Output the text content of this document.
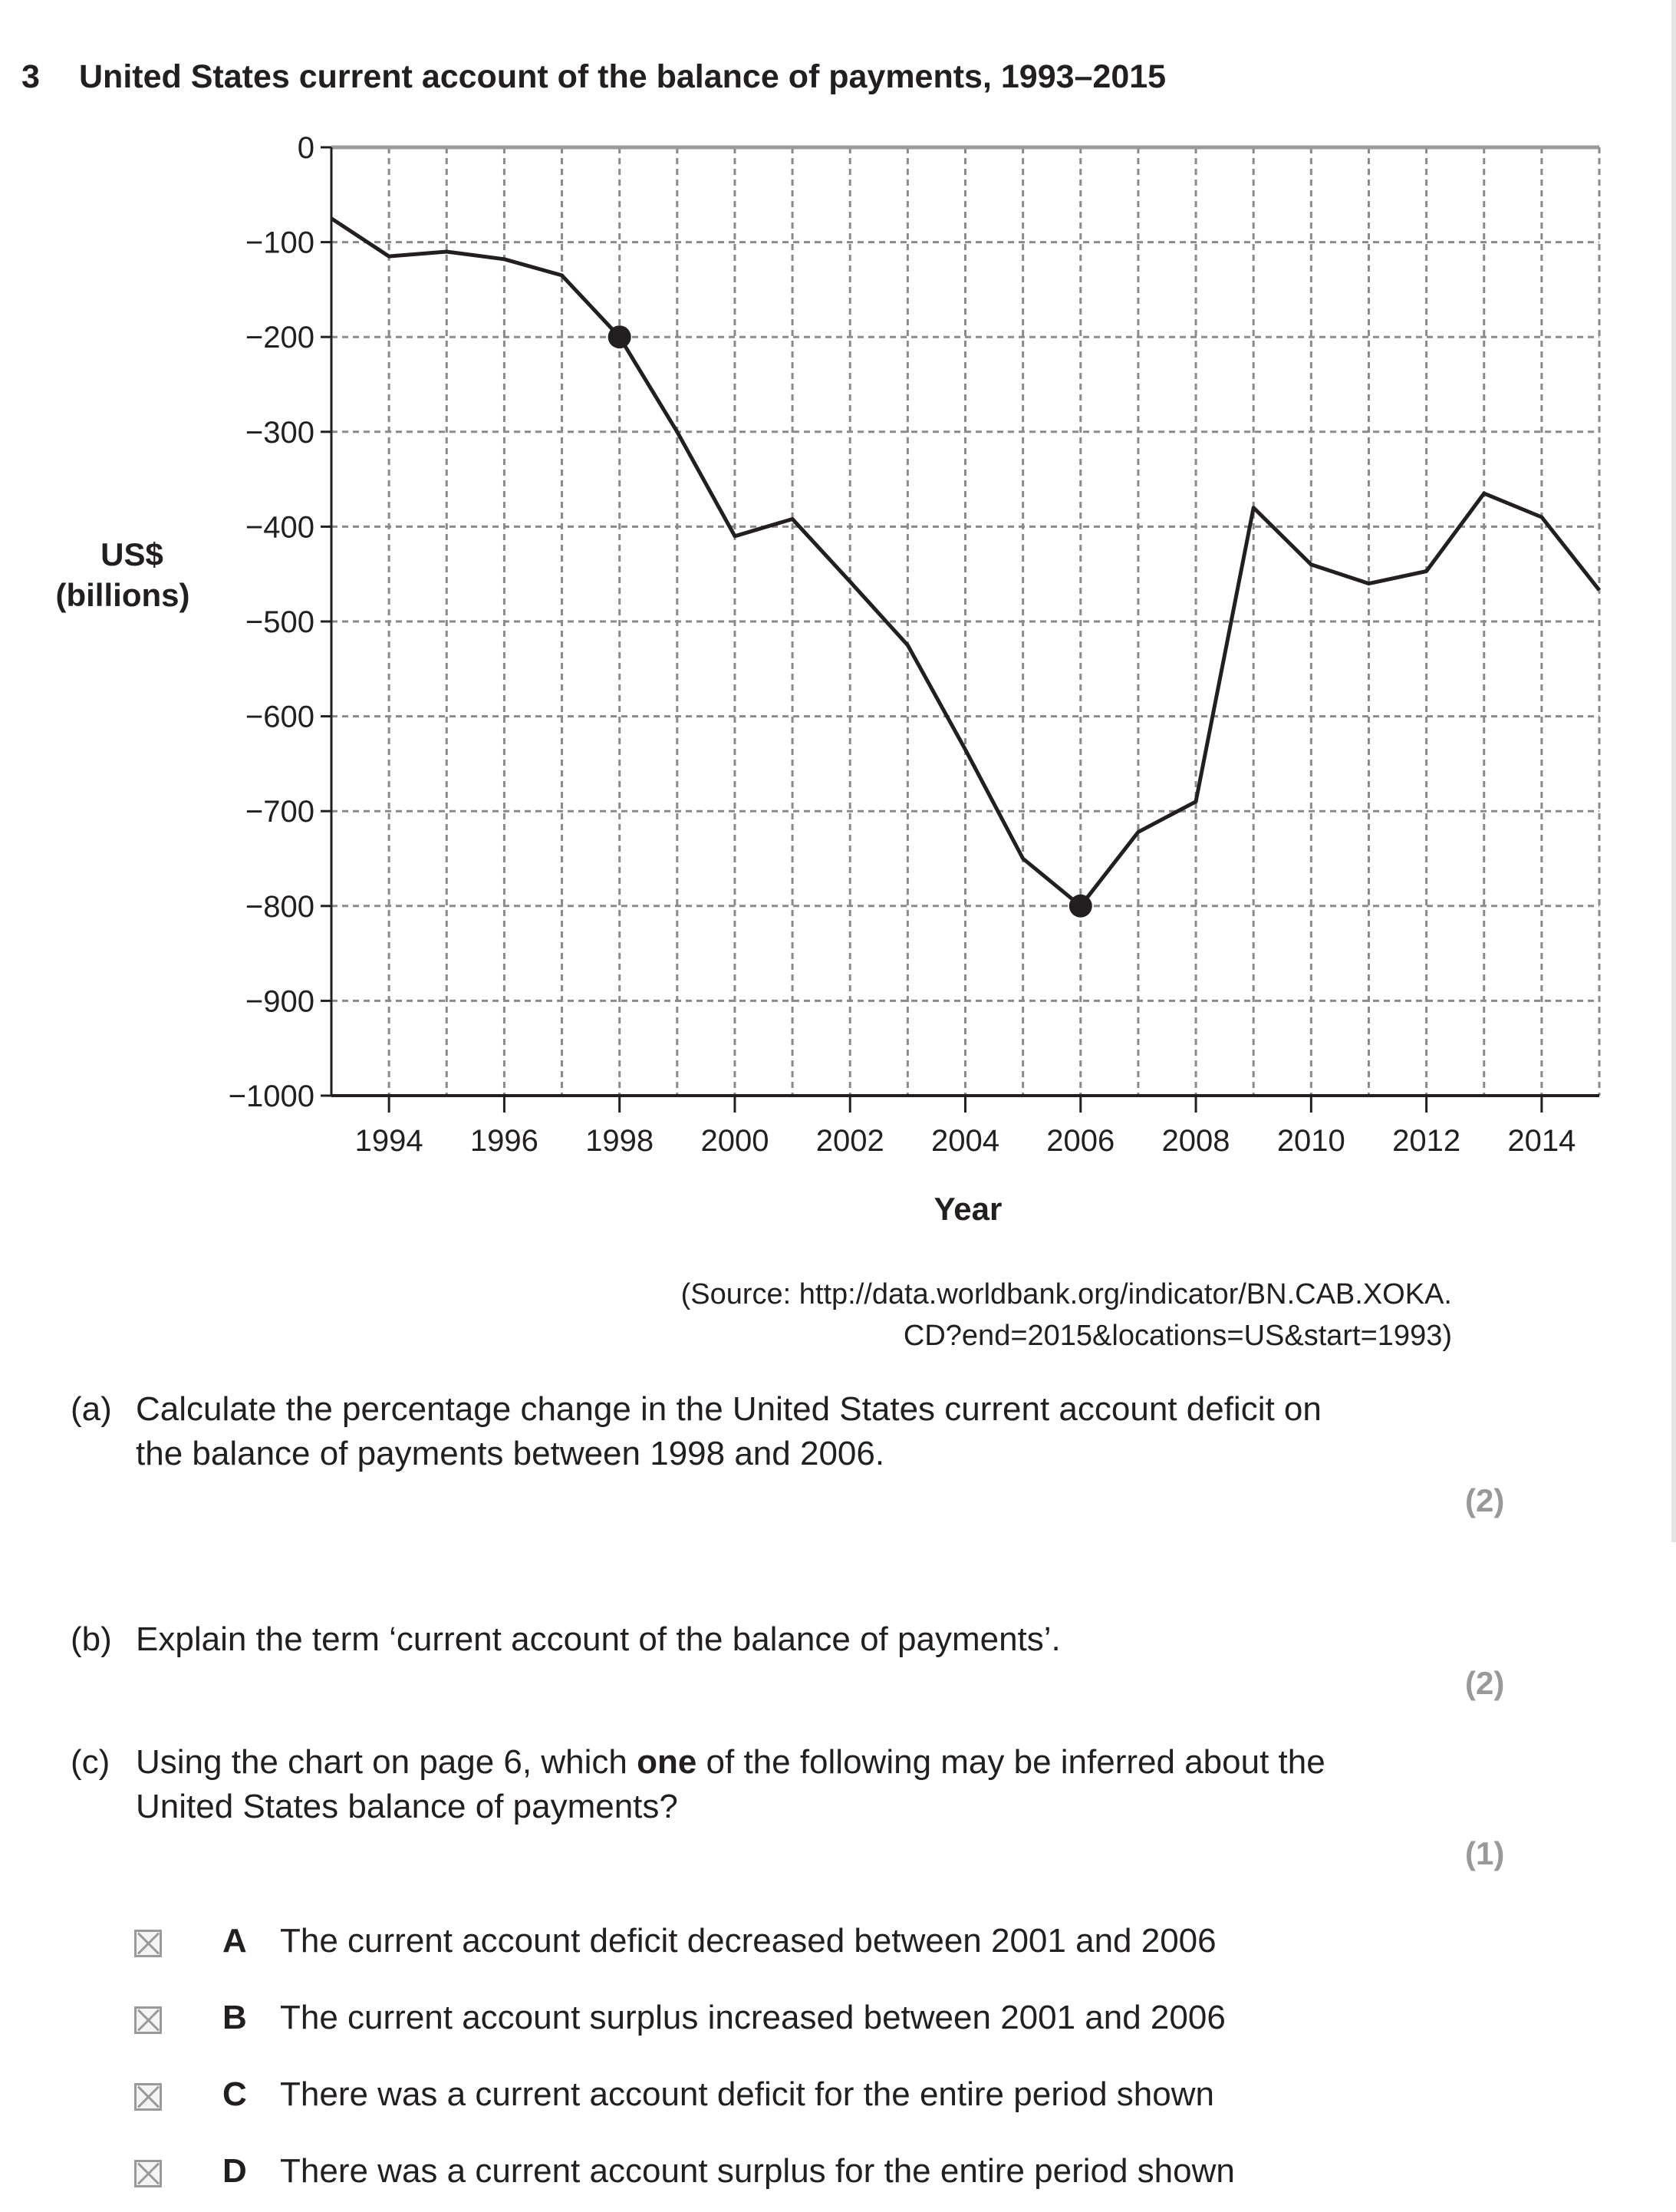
3 United States current account of the balance of payments, 1993–2015
0
−100
−200
−300
−400
−500
−600
−700
−800
−900
−1000
1994 1996 1998 2000 2002 2004 2006 2008 2010 2012 2014
US$
(billions)
Year
(Source: http://data.worldbank.org/indicator/BN.CAB.XOKA.
CD?end=2015&locations=US&start=1993)
(a) Calculate the percentage change in the United States current account deficit on
the balance of payments between 1998 and 2006.
(2)
(b) Explain the term ‘current account of the balance of payments’.
(2)
(c) Using the chart on page 6, which one of the following may be inferred about the
United States balance of payments?
(1)
A The current account deficit decreased between 2001 and 2006
B The current account surplus increased between 2001 and 2006
C There was a current account deficit for the entire period shown
D There was a current account surplus for the entire period shown
